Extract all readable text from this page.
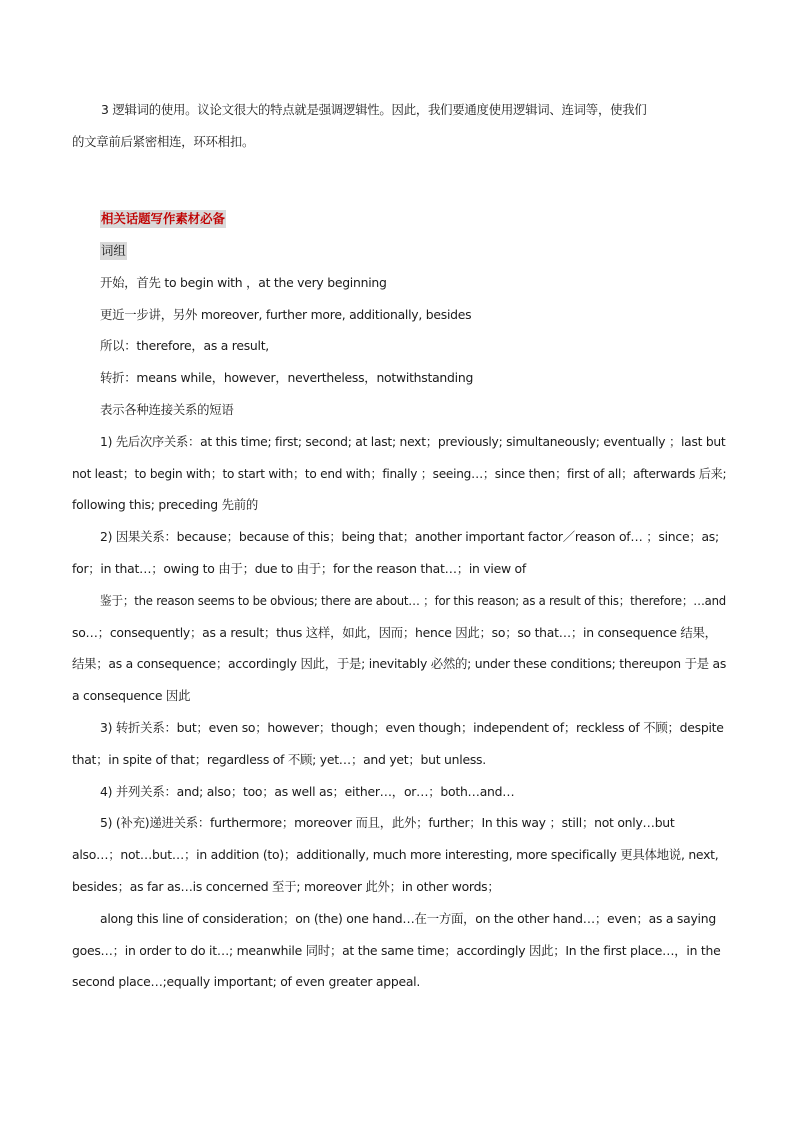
3 逻辑词的使用。议论文很大的特点就是强调逻辑性。因此，我们要通度使用逻辑词、连词等，使我们
的文章前后紧密相连，环环相扣。
相关话题写作素材必备
词组
开始，首先 to begin with ，at the very beginning
更近一步讲，另外 moreover, further more, additionally, besides
所以：therefore，as a result,
转折：means while，however，nevertheless，notwithstanding
表示各种连接关系的短语
1) 先后次序关系：at this time; first; second; at last; next；previously; simultaneously; eventually ；last but
not least；to begin with；to start with；to end with；finally ；seeing…；since then；first of all；afterwards 后来;
following this; preceding 先前的
2) 因果关系：because；because of this；being that；another important factor／reason of… ；since；as;
for；in that…；owing to 由于；due to 由于；for the reason that…；in view of
鉴于；the reason seems to be obvious; there are about… ；for this reason; as a result of this；therefore；…and
so…；consequently；as a result；thus 这样，如此，因而；hence 因此；so；so that…；in consequence 结果，
结果；as a consequence；accordingly 因此，于是; inevitably 必然的; under these conditions; thereupon 于是 as
a consequence 因此
3) 转折关系：but；even so；however；though；even though；independent of；reckless of 不顾；despite
that；in spite of that；regardless of 不顾; yet…；and yet；but unless.
4) 并列关系：and; also；too；as well as；either…，or…；both…and…
5) (补充)递进关系：furthermore；moreover 而且，此外；further；In this way ；still；not only…but
also…；not…but…；in addition (to)；additionally, much more interesting, more specifically 更具体地说, next,
besides；as far as…is concerned 至于; moreover 此外；in other words；
along this line of consideration；on (the) one hand…在一方面，on the other hand…；even；as a saying
goes…；in order to do it…; meanwhile 同时；at the same time；accordingly 因此；In the first place…，in the
second place…;equally important; of even greater appeal.
